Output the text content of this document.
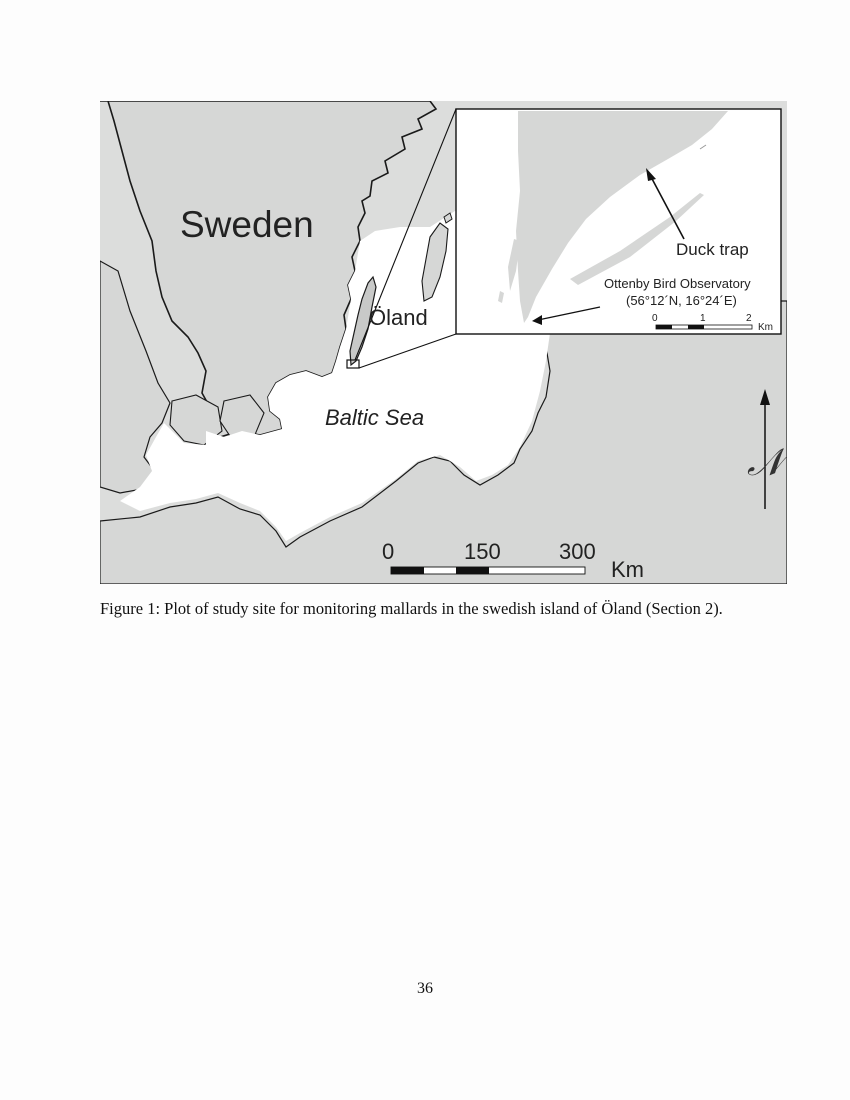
Duck trap
Ottenby Bird Observatory
(56°12´N, 16°24´E)
0	1	2
Km
Sweden
Öland
Baltic Sea
𝒩
0	150	300
Km
Figure 1: Plot of study site for monitoring mallards in the swedish island of Öland (Section 2).
36
